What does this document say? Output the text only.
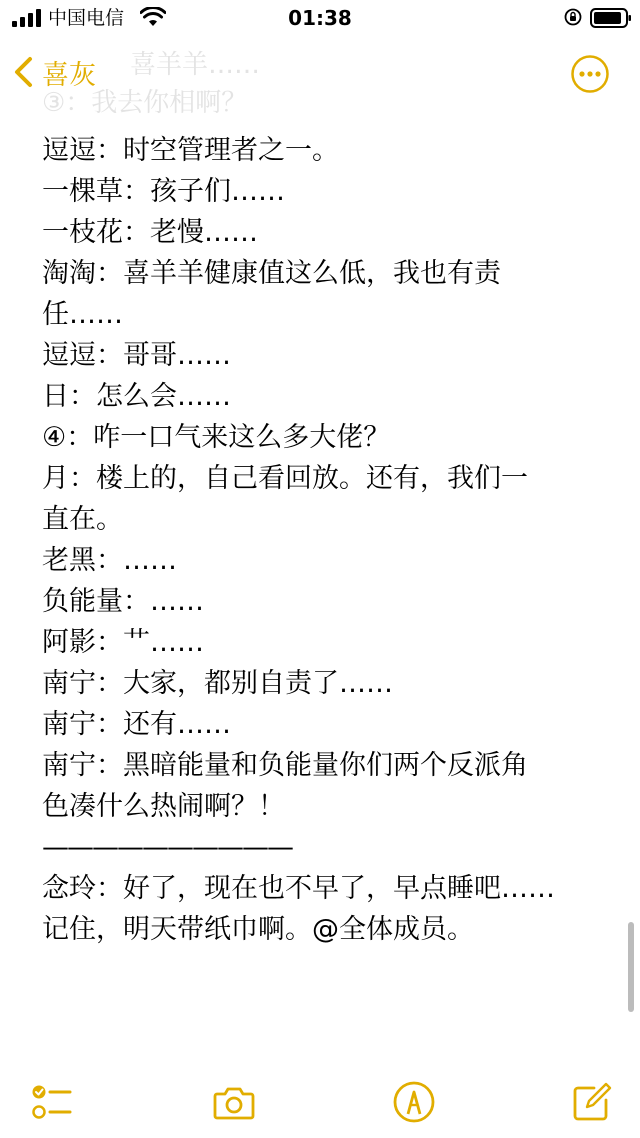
中国电信	01:38
喜羊羊……
③：我去你相啊？
喜灰

逗逗：时空管理者之一。

一棵草：孩子们……

一枝花：老慢……

淘淘：喜羊羊健康值这么低，我也有责

任……

逗逗：哥哥……

日：怎么会……

④：咋一口气来这么多大佬？

月：楼上的，自己看回放。还有，我们一

直在。

老黑：……

负能量：……

阿影：艹……

南宁：大家，都别自责了……

南宁：还有……

南宁：黑暗能量和负能量你们两个反派角

色凑什么热闹啊？！

——————————

念玲：好了，现在也不早了，早点睡吧……

记住，明天带纸巾啊。@全体成员。
